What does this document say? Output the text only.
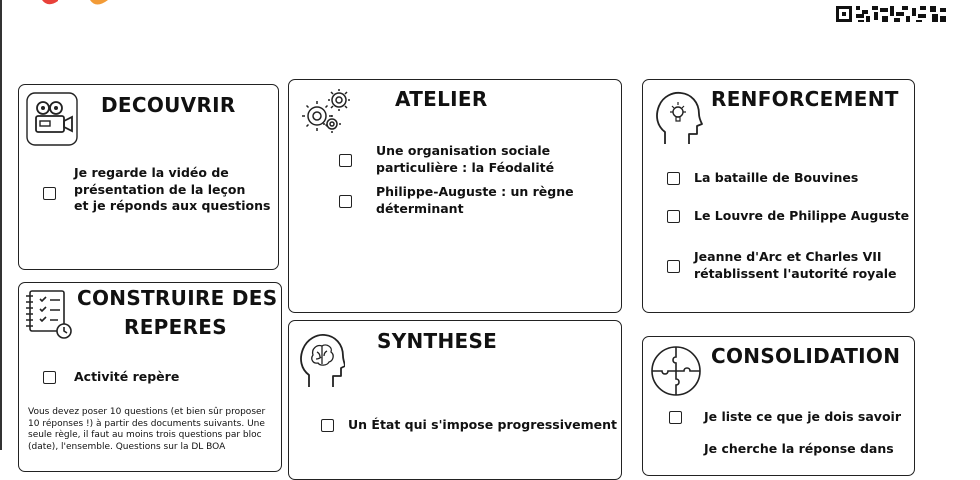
DECOUVRIR
Je regarde la vidéo de
présentation de la leçon
et je réponds aux questions
ATELIER
Une organisation sociale
particulière : la Féodalité
Philippe-Auguste : un règne
déterminant
RENFORCEMENT
La bataille de Bouvines
Le Louvre de Philippe Auguste
Jeanne d'Arc et Charles VII
rétablissent l'autorité royale
CONSTRUIRE DES
REPERES
Activité repère
Vous devez poser 10 questions (et bien sûr proposer
10 réponses !) à partir des documents suivants. Une
seule règle, il faut au moins trois questions par bloc
(date), l'ensemble. Questions sur la DL BOA
SYNTHESE
Un État qui s'impose progressivement
CONSOLIDATION
Je liste ce que je dois savoir
Je cherche la réponse dans
